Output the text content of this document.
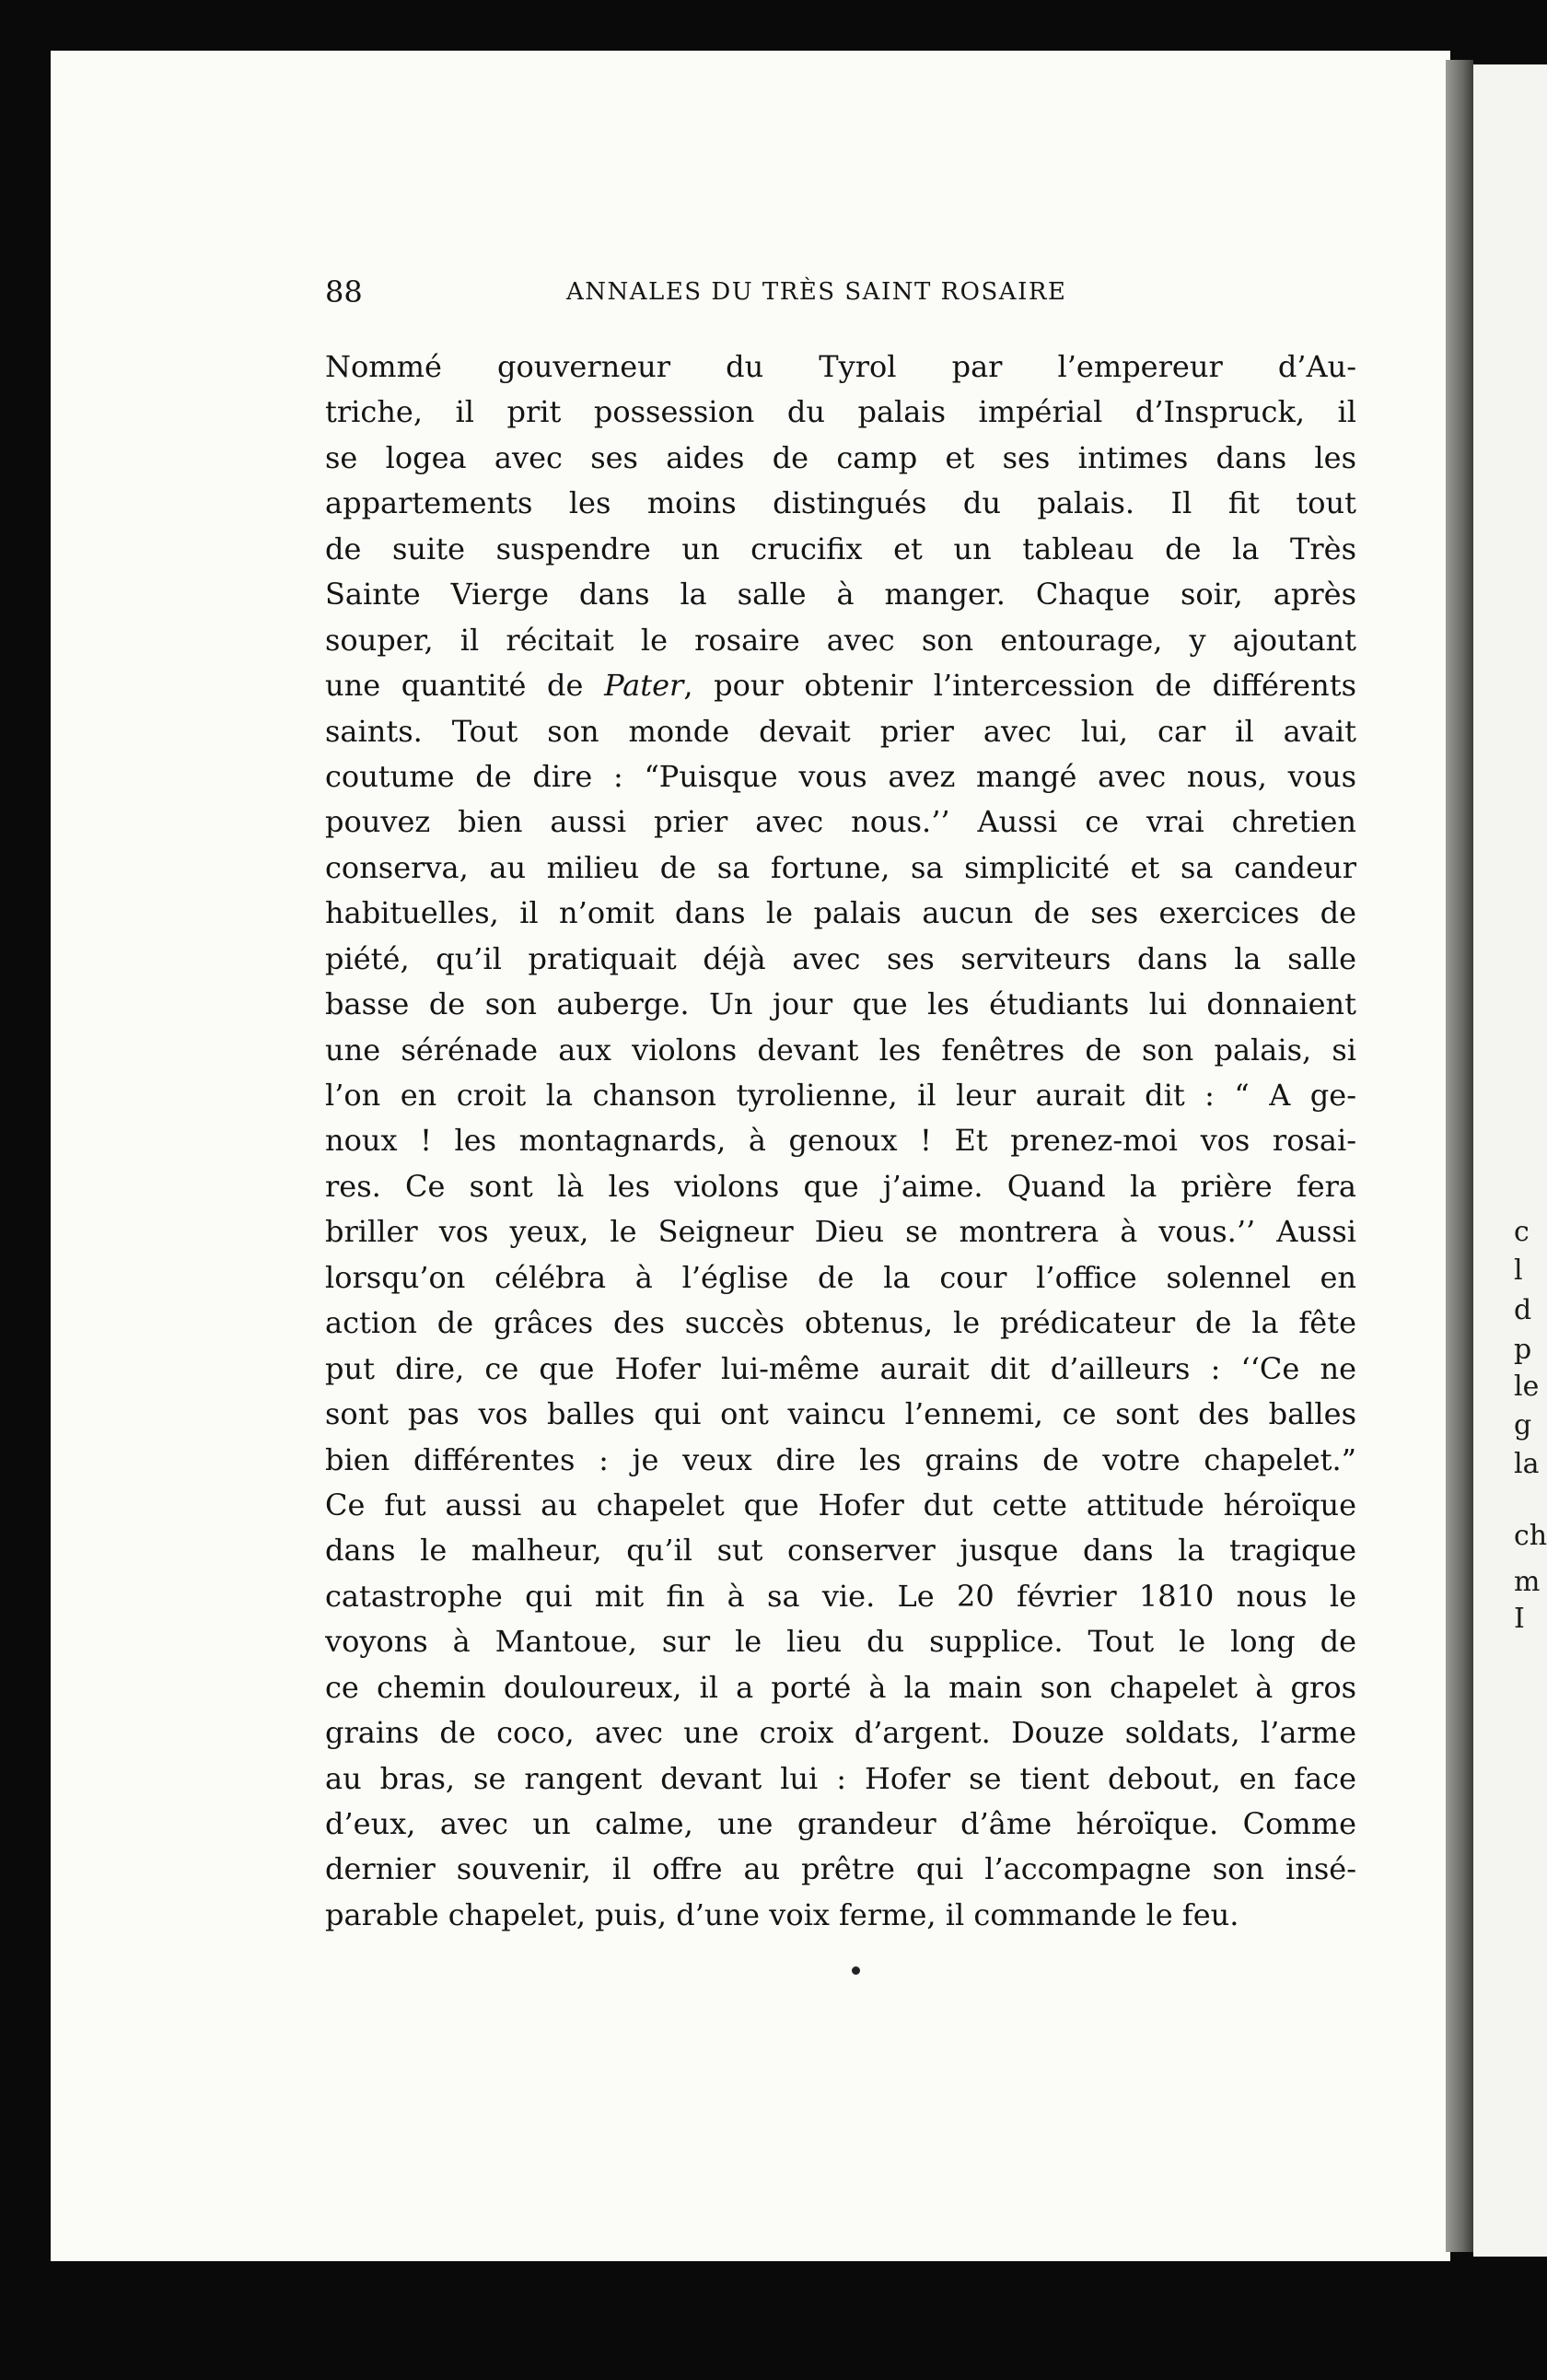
c
l
d
p
le
g
la
ch
m
I
88	ANNALES DU TRÈS SAINT ROSAIRE
Nommé gouverneur du Tyrol par l’empereur d’Au-
triche, il prit possession du palais impérial d’Inspruck, il
se logea avec ses aides de camp et ses intimes dans les
appartements les moins distingués du palais. Il fit tout
de suite suspendre un crucifix et un tableau de la Très
Sainte Vierge dans la salle à manger. Chaque soir, après
souper, il récitait le rosaire avec son entourage, y ajoutant
une quantité de Pater, pour obtenir l’intercession de différents
saints. Tout son monde devait prier avec lui, car il avait
coutume de dire : “Puisque vous avez mangé avec nous, vous
pouvez bien aussi prier avec nous.’’ Aussi ce vrai chretien
conserva, au milieu de sa fortune, sa simplicité et sa candeur
habituelles, il n’omit dans le palais aucun de ses exercices de
piété, qu’il pratiquait déjà avec ses serviteurs dans la salle
basse de son auberge. Un jour que les étudiants lui donnaient
une sérénade aux violons devant les fenêtres de son palais, si
l’on en croit la chanson tyrolienne, il leur aurait dit : “ A ge-
noux ! les montagnards, à genoux ! Et prenez-moi vos rosai-
res. Ce sont là les violons que j’aime. Quand la prière fera
briller vos yeux, le Seigneur Dieu se montrera à vous.’’ Aussi
lorsqu’on célébra à l’église de la cour l’office solennel en
action de grâces des succès obtenus, le prédicateur de la fête
put dire, ce que Hofer lui-même aurait dit d’ailleurs : ‘‘Ce ne
sont pas vos balles qui ont vaincu l’ennemi, ce sont des balles
bien différentes : je veux dire les grains de votre chapelet.”
Ce fut aussi au chapelet que Hofer dut cette attitude héroïque
dans le malheur, qu’il sut conserver jusque dans la tragique
catastrophe qui mit fin à sa vie. Le 20 février 1810 nous le
voyons à Mantoue, sur le lieu du supplice. Tout le long de
ce chemin douloureux, il a porté à la main son chapelet à gros
grains de coco, avec une croix d’argent. Douze soldats, l’arme
au bras, se rangent devant lui : Hofer se tient debout, en face
d’eux, avec un calme, une grandeur d’âme héroïque. Comme
dernier souvenir, il offre au prêtre qui l’accompagne son insé-
parable chapelet, puis, d’une voix ferme, il commande le feu.
